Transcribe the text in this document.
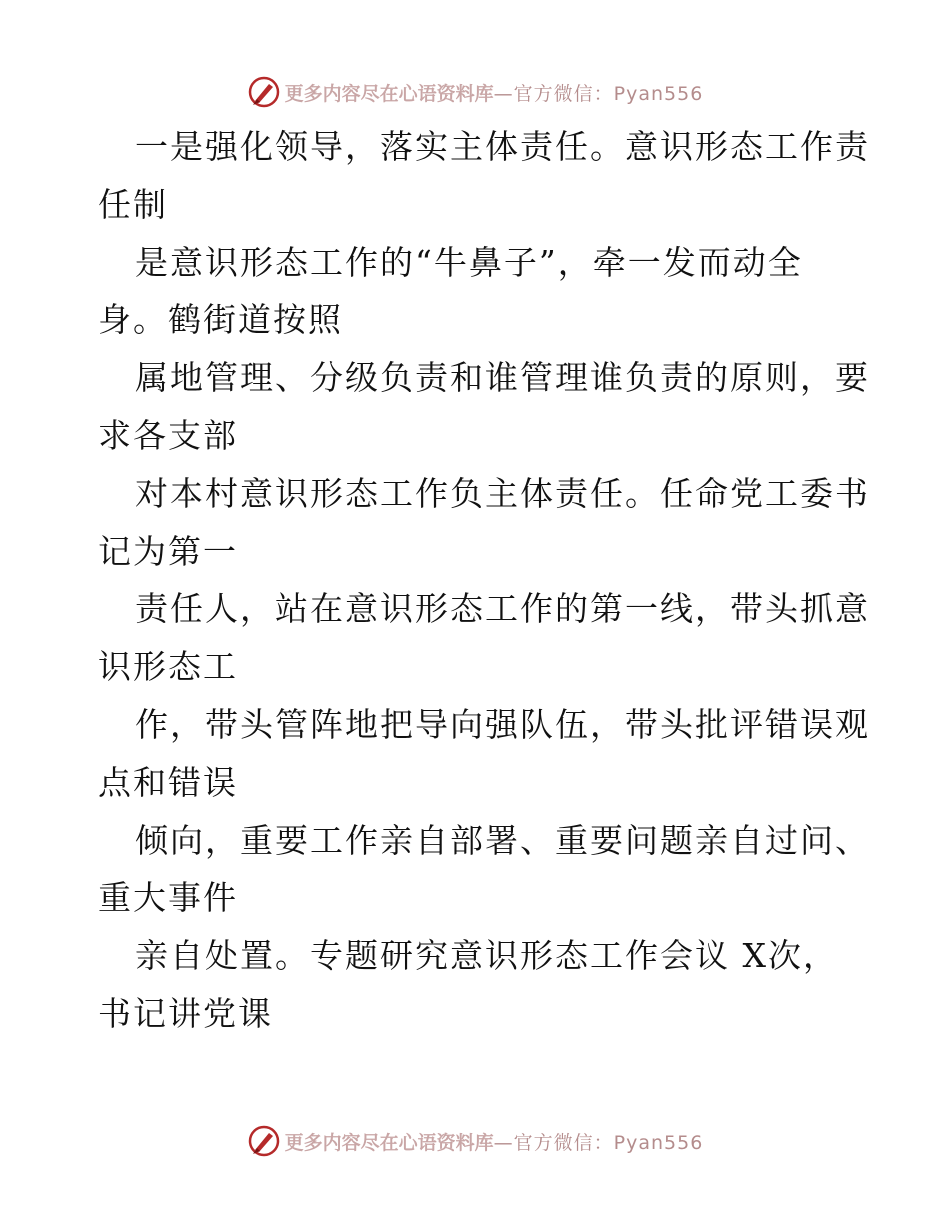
更多内容尽在心语资料库 —官方微信：Pyan556
一是强化领导，落实主体责任。意识形态工作责
任制
是意识形态工作的“牛鼻子”，牵一发而动全
身。鹤街道按照
属地管理、分级负责和谁管理谁负责的原则，要
求各支部
对本村意识形态工作负主体责任。任命党工委书
记为第一
责任人，站在意识形态工作的第一线，带头抓意
识形态工
作，带头管阵地把导向强队伍，带头批评错误观
点和错误
倾向，重要工作亲自部署、重要问题亲自过问、
重大事件
亲自处置。专题研究意识形态工作会议 X次，
书记讲党课
更多内容尽在心语资料库 —官方微信：Pyan556
